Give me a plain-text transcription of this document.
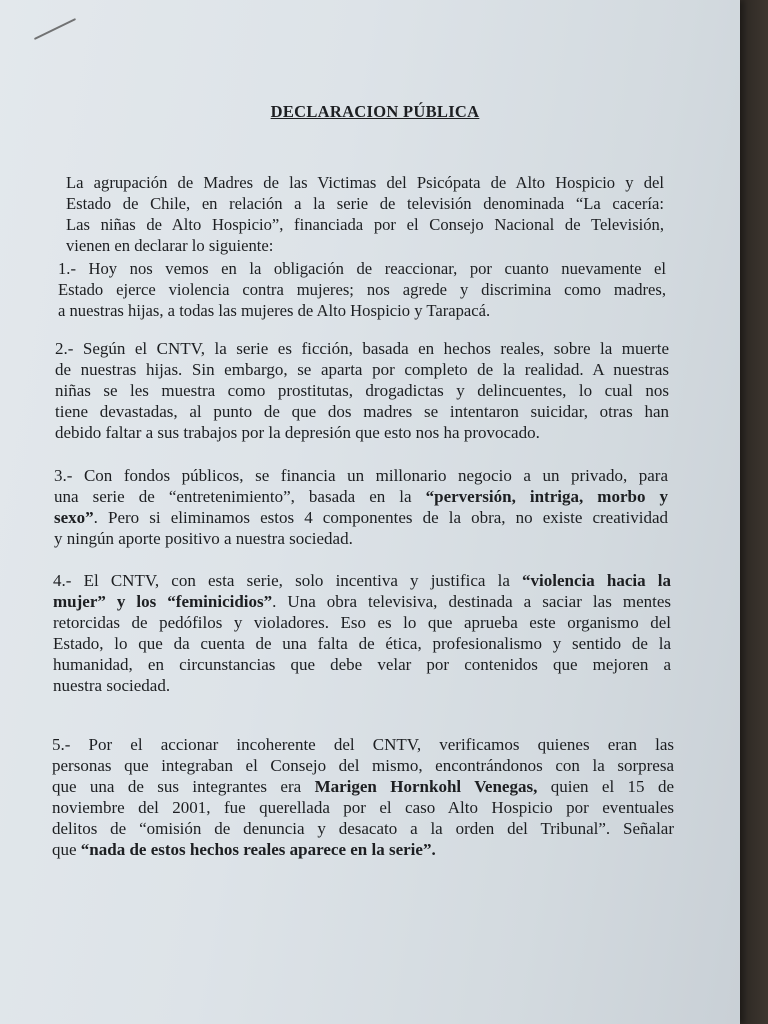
DECLARACION PÚBLICA

La agrupación de Madres de las Victimas del Psicópata de Alto Hospicio y del
Estado de Chile, en relación a la serie de televisión denominada “La cacería:
Las niñas de Alto Hospicio”, financiada por el Consejo Nacional de Televisión,
vienen en declarar lo siguiente:

1.- Hoy nos vemos en la obligación de reaccionar, por cuanto nuevamente el
Estado ejerce violencia contra mujeres; nos agrede y discrimina como madres,
a nuestras hijas, a todas las mujeres de Alto Hospicio y Tarapacá.

2.- Según el CNTV, la serie es ficción, basada en hechos reales, sobre la muerte
de nuestras hijas. Sin embargo, se aparta por completo de la realidad. A nuestras
niñas se les muestra como prostitutas, drogadictas y delincuentes, lo cual nos
tiene devastadas, al punto de que dos madres se intentaron suicidar, otras han
debido faltar a sus trabajos por la depresión que esto nos ha provocado.

3.- Con fondos públicos, se financia un millonario negocio a un privado, para
una serie de “entretenimiento”, basada en la “perversión, intriga, morbo y
sexo”. Pero si eliminamos estos 4 componentes de la obra, no existe creatividad
y ningún aporte positivo a nuestra sociedad.

4.- El CNTV, con esta serie, solo incentiva y justifica la “violencia hacia la
mujer” y los “feminicidios”. Una obra televisiva, destinada a saciar las mentes
retorcidas de pedófilos y violadores. Eso es lo que aprueba este organismo del
Estado, lo que da cuenta de una falta de ética, profesionalismo y sentido de la
humanidad, en circunstancias que debe velar por contenidos que mejoren a
nuestra sociedad.

5.- Por el accionar incoherente del CNTV, verificamos quienes eran las
personas que integraban el Consejo del mismo, encontrándonos con la sorpresa
que una de sus integrantes era Marigen Hornkohl Venegas, quien el 15 de
noviembre del 2001, fue querellada por el caso Alto Hospicio por eventuales
delitos de “omisión de denuncia y desacato a la orden del Tribunal”. Señalar
que “nada de estos hechos reales aparece en la serie”.
